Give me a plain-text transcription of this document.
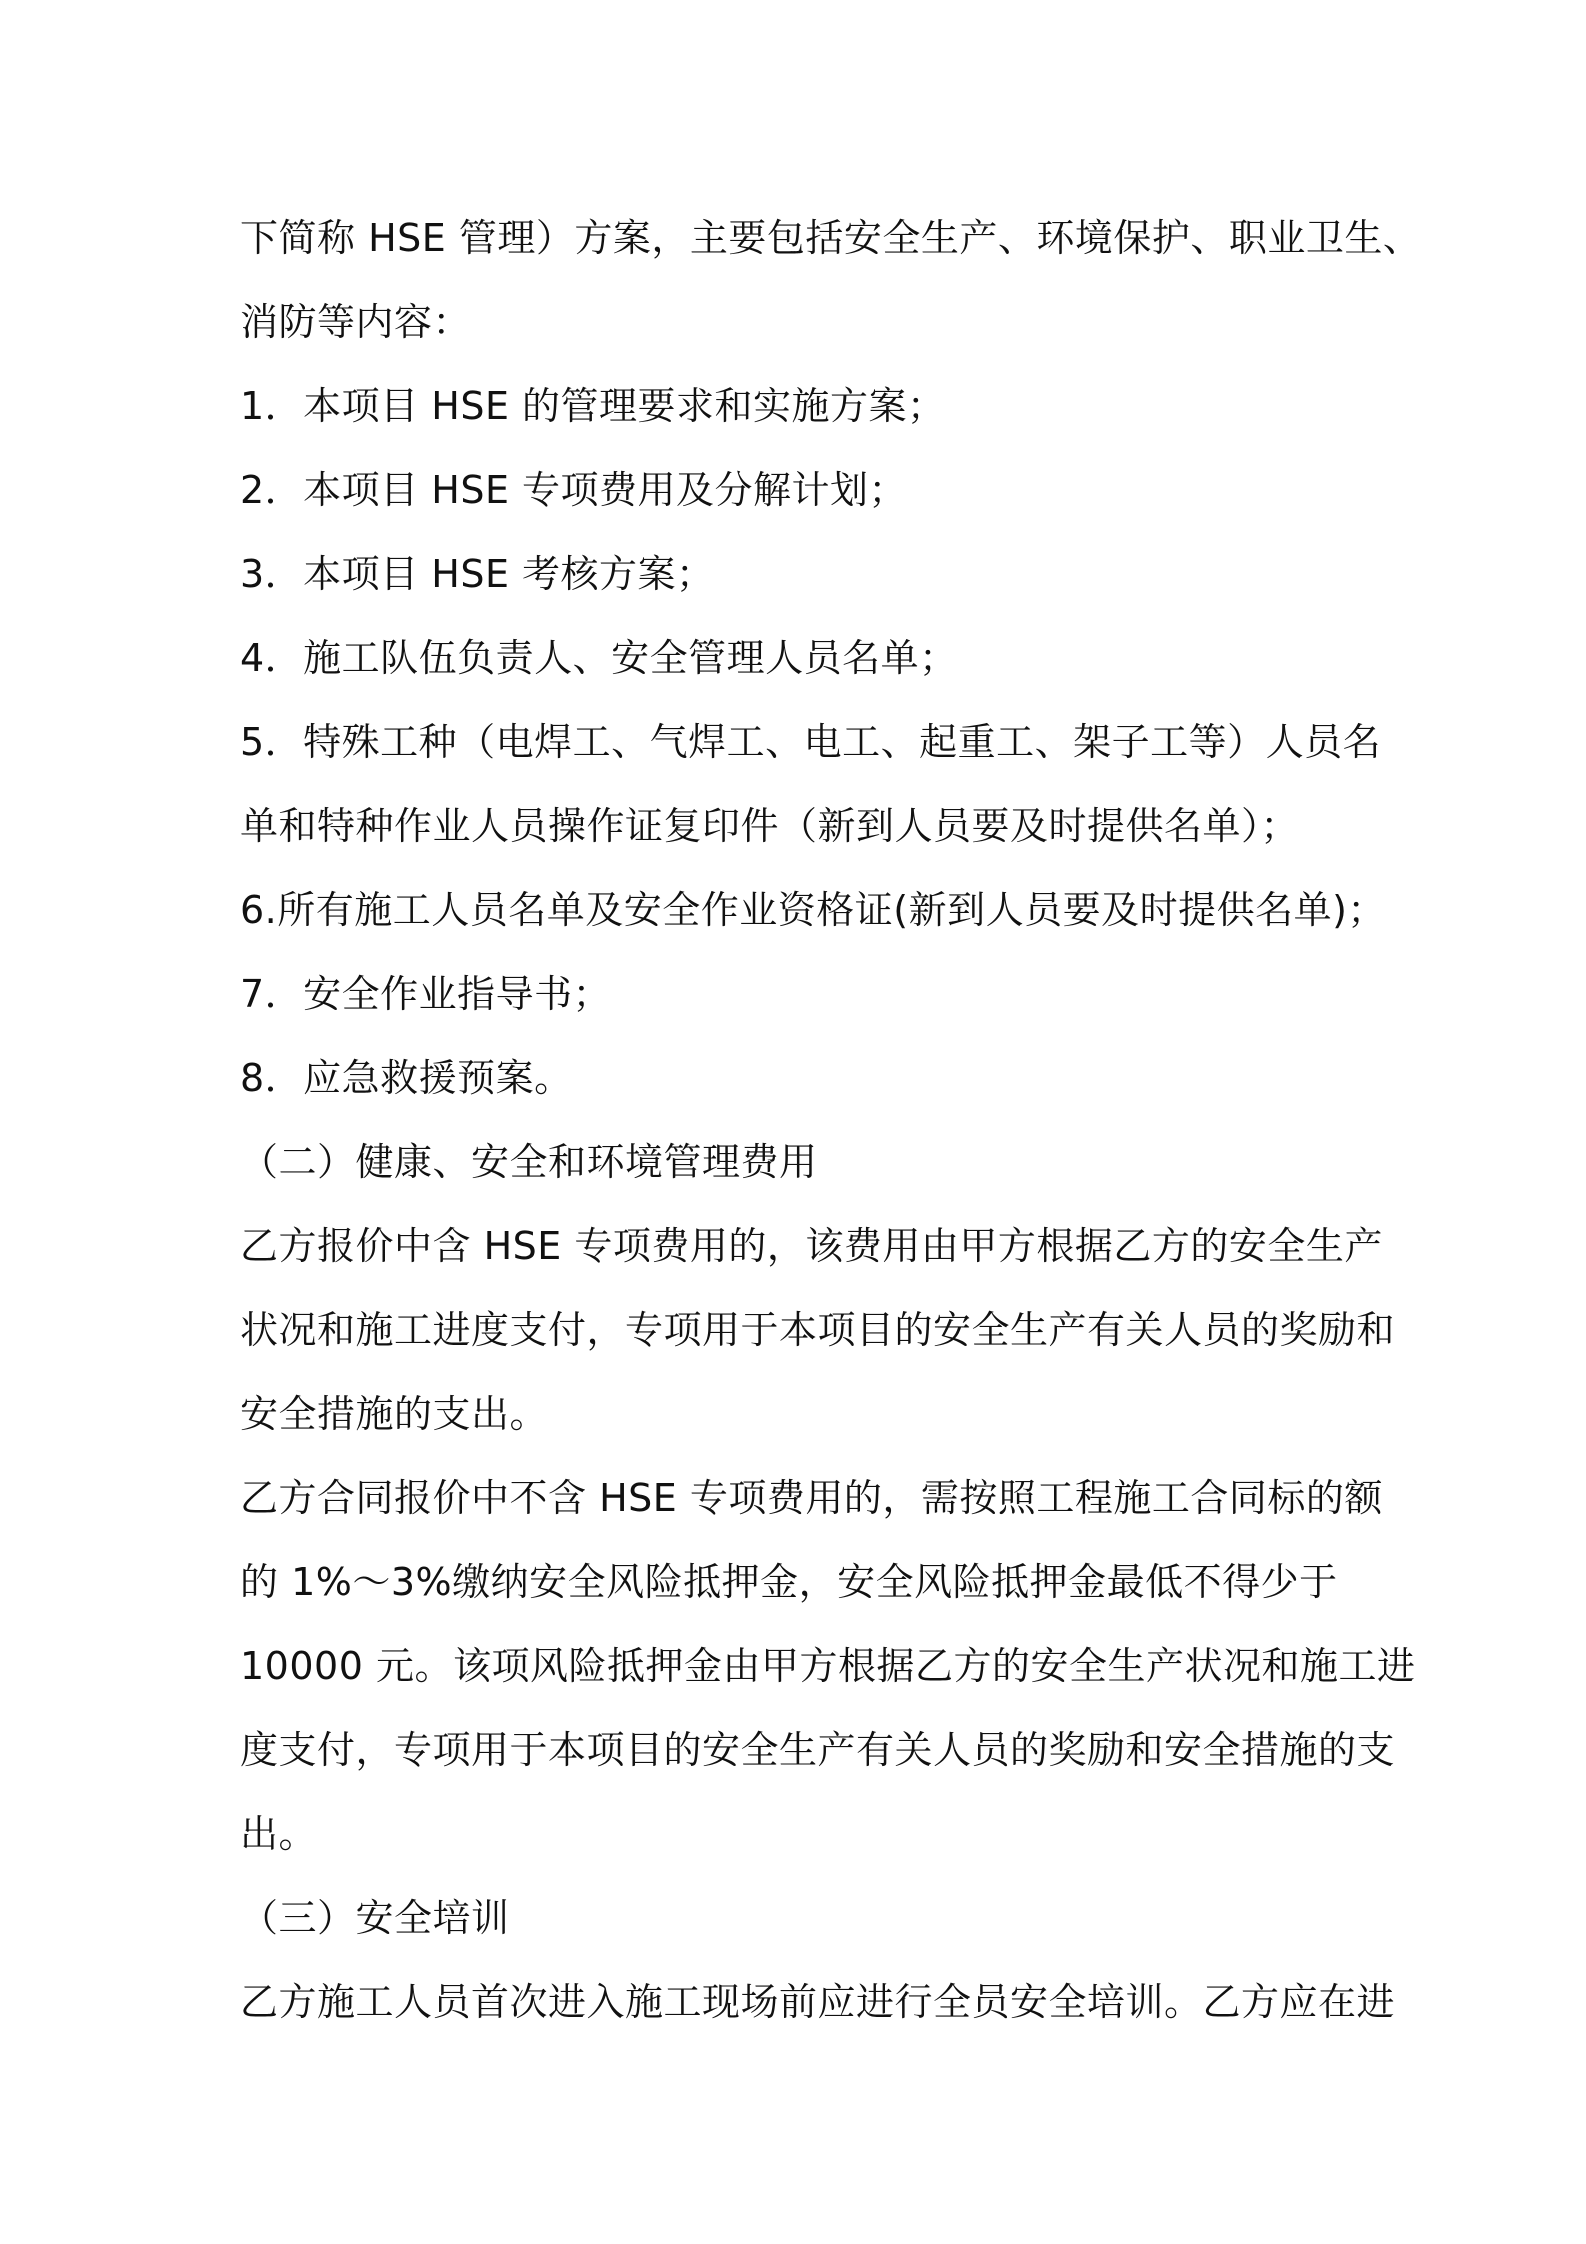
下简称 HSE 管理）方案，主要包括安全生产、环境保护、职业卫生、
消防等内容：
1．本项目 HSE 的管理要求和实施方案；
2．本项目 HSE 专项费用及分解计划；
3．本项目 HSE 考核方案；
4．施工队伍负责人、安全管理人员名单；
5．特殊工种（电焊工、气焊工、电工、起重工、架子工等）人员名
单和特种作业人员操作证复印件（新到人员要及时提供名单）；
6.所有施工人员名单及安全作业资格证(新到人员要及时提供名单)；
7．安全作业指导书；
8．应急救援预案。
（二）健康、安全和环境管理费用
乙方报价中含 HSE 专项费用的，该费用由甲方根据乙方的安全生产
状况和施工进度支付，专项用于本项目的安全生产有关人员的奖励和
安全措施的支出。
乙方合同报价中不含 HSE 专项费用的，需按照工程施工合同标的额
的 1%～3%缴纳安全风险抵押金，安全风险抵押金最低不得少于
10000 元。该项风险抵押金由甲方根据乙方的安全生产状况和施工进
度支付，专项用于本项目的安全生产有关人员的奖励和安全措施的支
出。
（三）安全培训
乙方施工人员首次进入施工现场前应进行全员安全培训。乙方应在进
